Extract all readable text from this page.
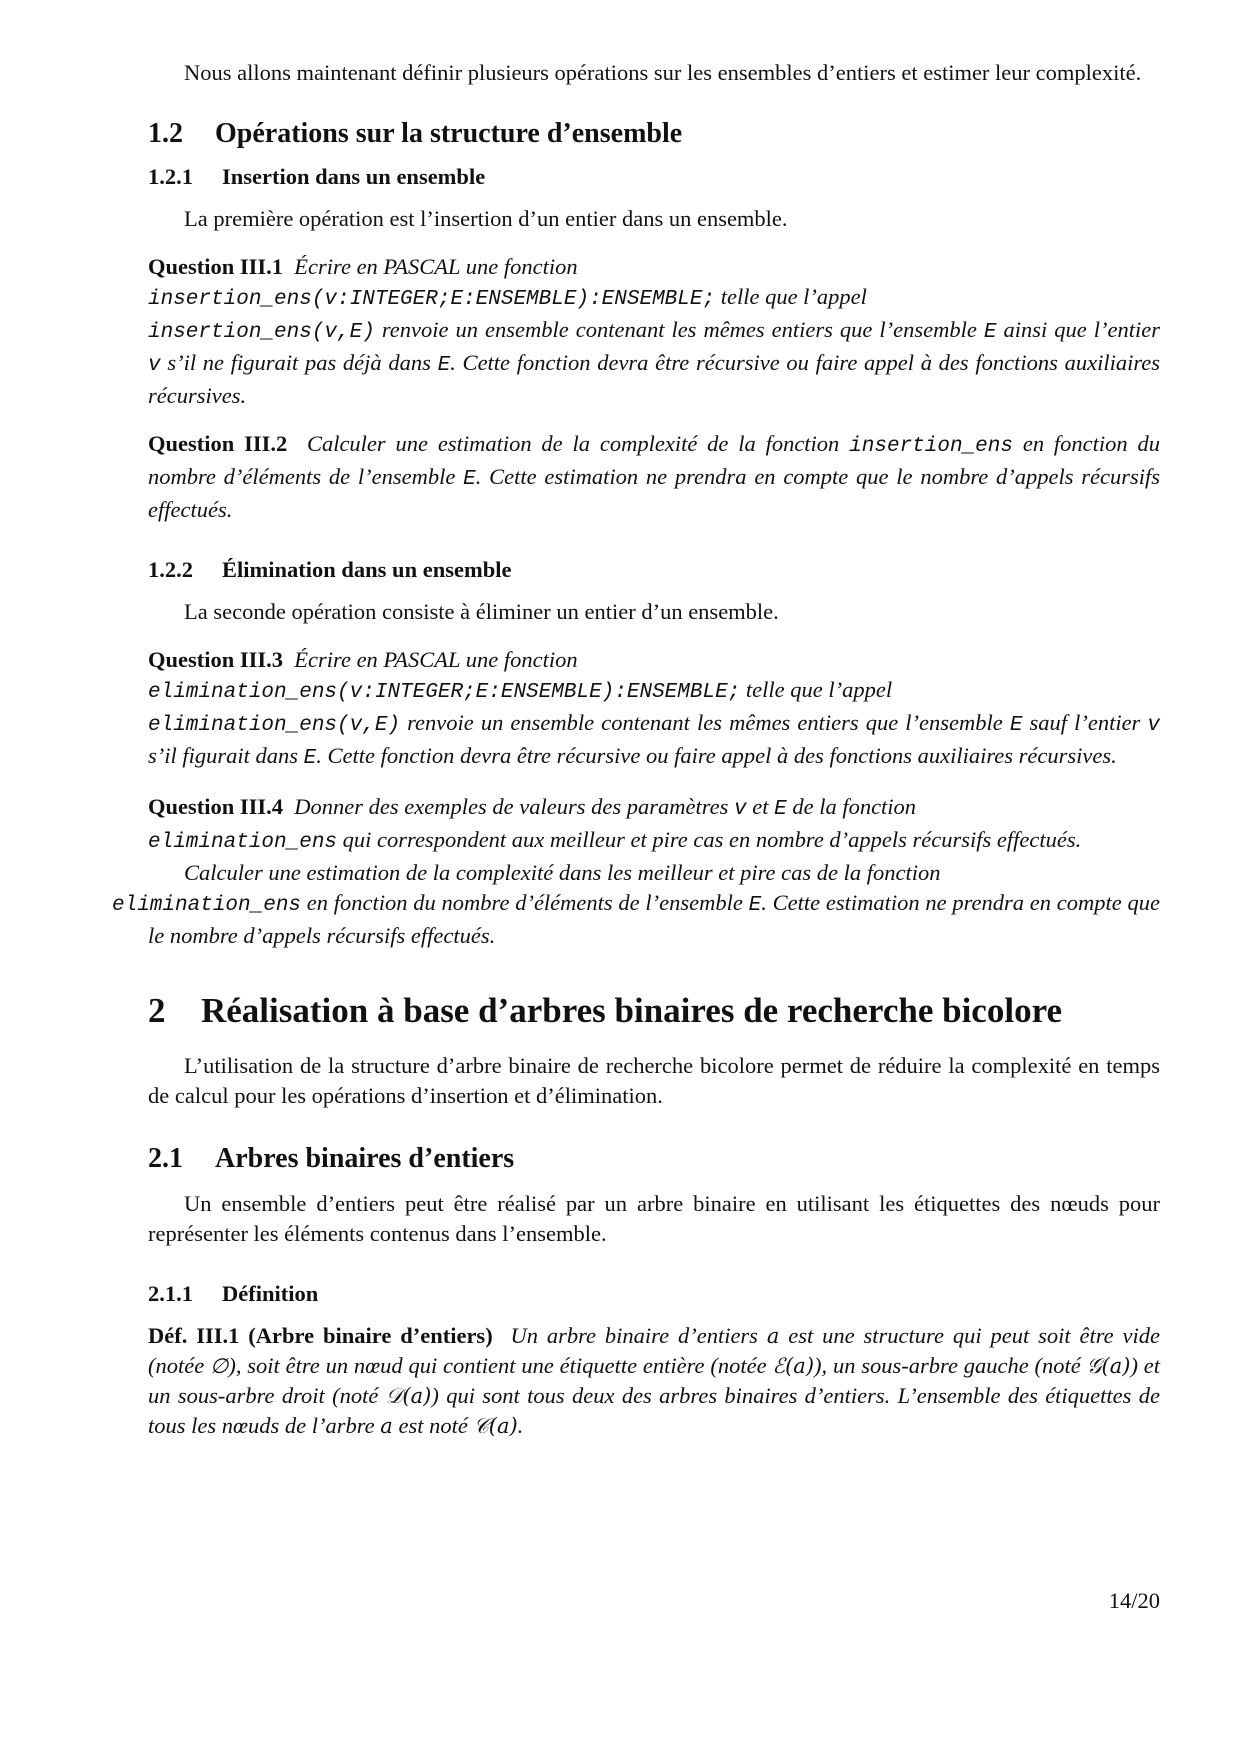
Nous allons maintenant définir plusieurs opérations sur les ensembles d’entiers et estimer leur complexité.

1.2 Opérations sur la structure d’ensemble
1.2.1 Insertion dans un ensemble

La première opération est l’insertion d’un entier dans un ensemble.

Question III.1 Écrire en PASCAL une fonction
insertion_ens(v:INTEGER;E:ENSEMBLE):ENSEMBLE; telle que l’appel
insertion_ens(v,E) renvoie un ensemble contenant les mêmes entiers que l’ensemble E ainsi que l’entier v s’il ne figurait pas déjà dans E. Cette fonction devra être récursive ou faire appel à des fonctions auxiliaires récursives.

Question III.2 Calculer une estimation de la complexité de la fonction insertion_ens en fonction du nombre d’éléments de l’ensemble E. Cette estimation ne prendra en compte que le nombre d’appels récursifs effectués.

1.2.2 Élimination dans un ensemble

La seconde opération consiste à éliminer un entier d’un ensemble.

Question III.3 Écrire en PASCAL une fonction
elimination_ens(v:INTEGER;E:ENSEMBLE):ENSEMBLE; telle que l’appel
elimination_ens(v,E) renvoie un ensemble contenant les mêmes entiers que l’ensemble E sauf l’entier v s’il figurait dans E. Cette fonction devra être récursive ou faire appel à des fonctions auxiliaires récursives.

Question III.4 Donner des exemples de valeurs des paramètres v et E de la fonction
elimination_ens qui correspondent aux meilleur et pire cas en nombre d’appels récursifs effectués.

Calculer une estimation de la complexité dans les meilleur et pire cas de la fonction
elimination_ens en fonction du nombre d’éléments de l’ensemble E. Cette estimation ne prendra en compte que le nombre d’appels récursifs effectués.

2 Réalisation à base d’arbres binaires de recherche bicolore

L’utilisation de la structure d’arbre binaire de recherche bicolore permet de réduire la complexité en temps de calcul pour les opérations d’insertion et d’élimination.

2.1 Arbres binaires d’entiers

Un ensemble d’entiers peut être réalisé par un arbre binaire en utilisant les étiquettes des nœuds pour représenter les éléments contenus dans l’ensemble.

2.1.1 Définition

Déf. III.1 (Arbre binaire d’entiers) Un arbre binaire d’entiers a est une structure qui peut soit être vide (notée ∅), soit être un nœud qui contient une étiquette entière (notée ℰ(a)), un sous-arbre gauche (noté 𝒢(a)) et un sous-arbre droit (noté 𝒟(a)) qui sont tous deux des arbres binaires d’entiers. L’ensemble des étiquettes de tous les nœuds de l’arbre a est noté 𝒞(a).

14/20
